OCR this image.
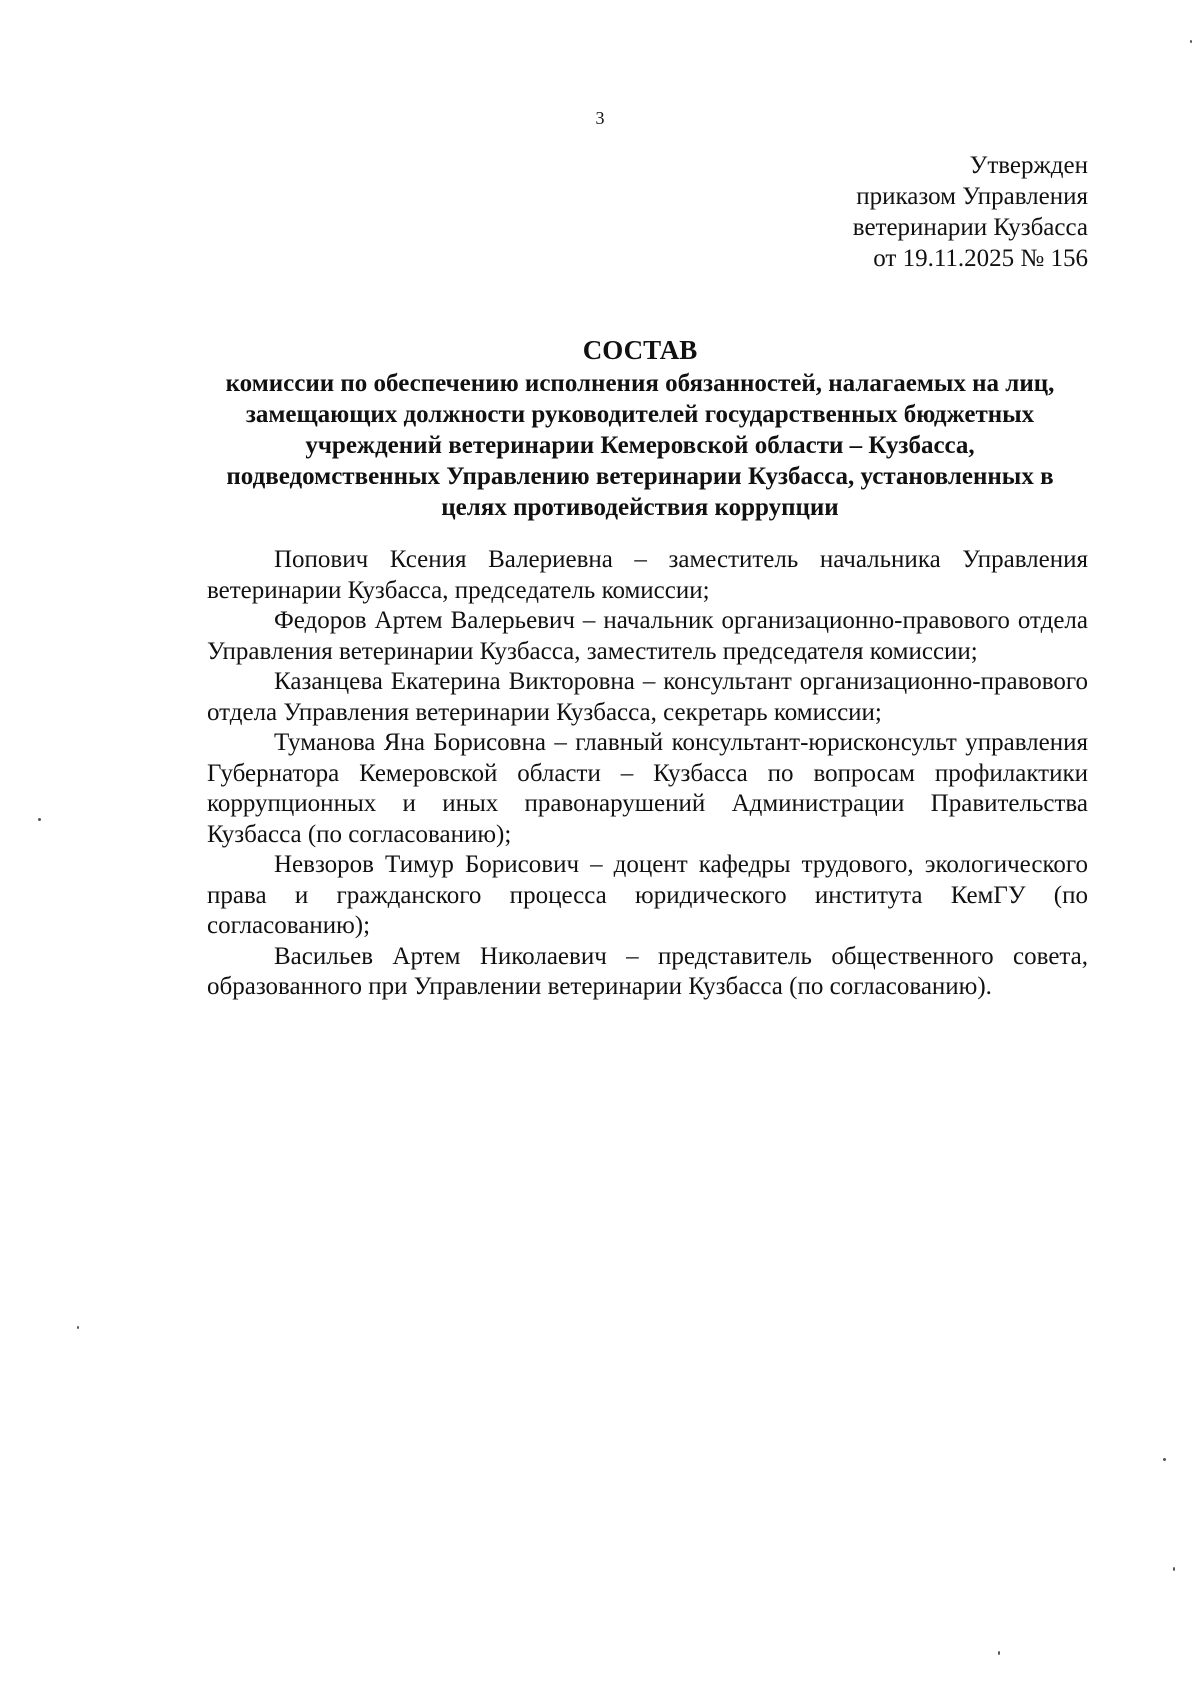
3
Утвержден
приказом Управления
ветеринарии Кузбасса
от 19.11.2025 № 156
СОСТАВ
комиссии по обеспечению исполнения обязанностей, налагаемых на лиц,
замещающих должности руководителей государственных бюджетных
учреждений ветеринарии Кемеровской области – Кузбасса,
подведомственных Управлению ветеринарии Кузбасса, установленных в
целях противодействия коррупции

Попович Ксения Валериевна – заместитель начальника Управления ветеринарии Кузбасса, председатель комиссии;

Федоров Артем Валерьевич – начальник организационно-правового отдела Управления ветеринарии Кузбасса, заместитель председателя комиссии;

Казанцева Екатерина Викторовна – консультант организационно-правового отдела Управления ветеринарии Кузбасса, секретарь комиссии;

Туманова Яна Борисовна – главный консультант-юрисконсульт управления Губернатора Кемеровской области – Кузбасса по вопросам профилактики коррупционных и иных правонарушений Администрации Правительства Кузбасса (по согласованию);

Невзоров Тимур Борисович – доцент кафедры трудового, экологического права и гражданского процесса юридического института КемГУ (по согласованию);

Васильев Артем Николаевич – представитель общественного совета, образованного при Управлении ветеринарии Кузбасса (по согласованию).
